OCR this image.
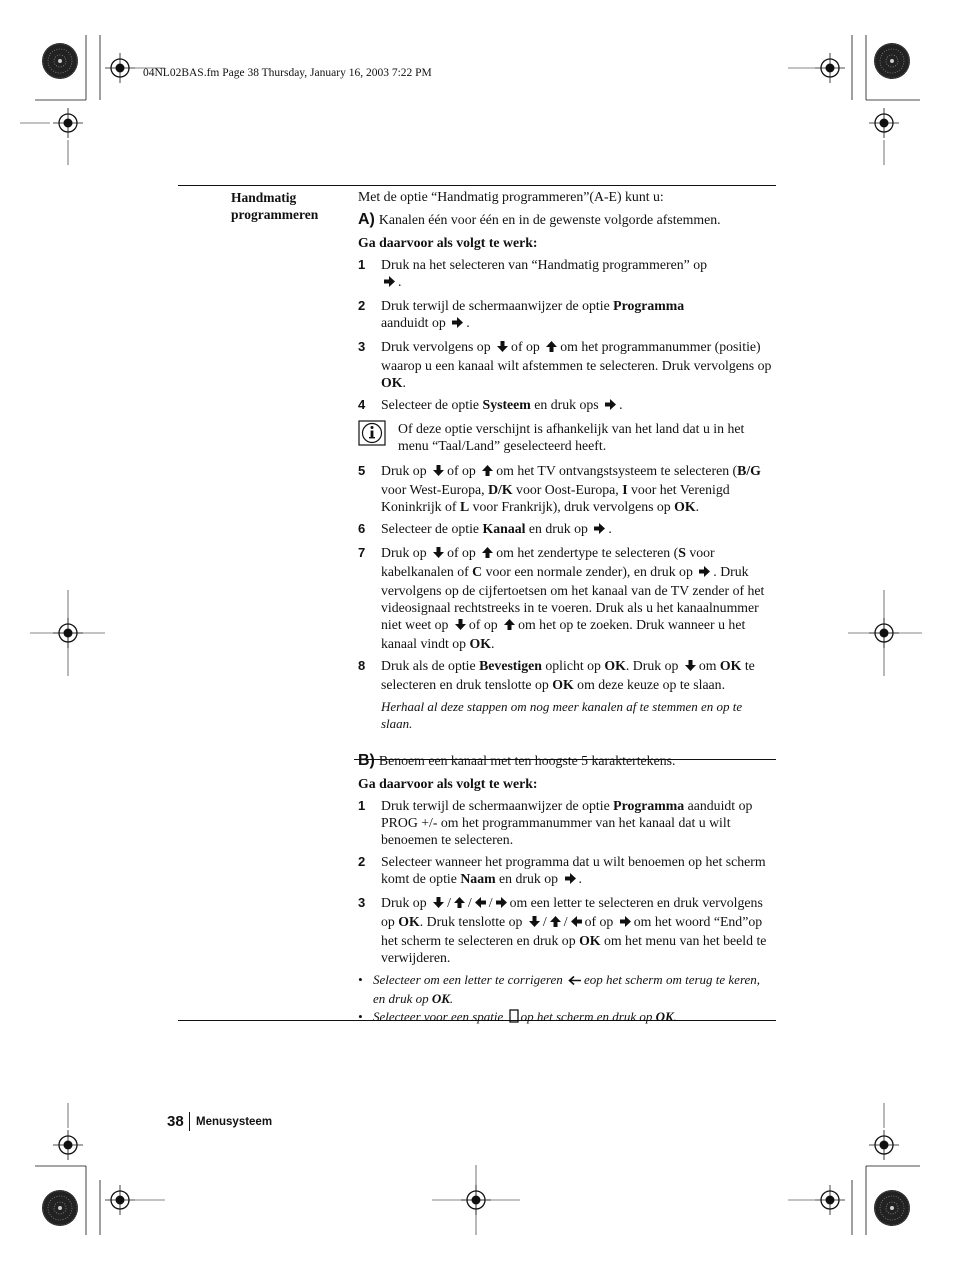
04NL02BAS.fm Page 38 Thursday, January 16, 2003 7:22 PM
Handmatig
programmeren
Met de optie “Handmatig programmeren”(A-E) kunt u:
A) Kanalen één voor één en in de gewenste volgorde afstemmen.
Ga daarvoor als volgt te werk:
1	Druk na het selecteren van “Handmatig programmeren” op
.
2	Druk terwijl de schermaanwijzer de optie Programma
aanduidt op .
3	Druk vervolgens op of op om het programmanummer (positie) waarop u een kanaal wilt afstemmen te selecteren. Druk vervolgens op OK.
4	Selecteer de optie Systeem en druk ops .
Of deze optie verschijnt is afhankelijk van het land dat u in het menu “Taal/Land” geselecteerd heeft.
5	Druk op of op om het TV ontvangstsysteem te selecteren (B/G voor West-Europa, D/K voor Oost-Europa, I voor het Verenigd Koninkrijk of L voor Frankrijk), druk vervolgens op OK.
6	Selecteer de optie Kanaal en druk op .
7	Druk op of op om het zendertype te selecteren (S voor kabelkanalen of C voor een normale zender), en druk op . Druk vervolgens op de cijfertoetsen om het kanaal van de TV zender of het videosignaal rechtstreeks in te voeren. Druk als u het kanaalnummer niet weet op of op om het op te zoeken. Druk wanneer u het kanaal vindt op OK.
8	Druk als de optie Bevestigen oplicht op OK. Druk op om OK te selecteren en druk tenslotte op OK om deze keuze op te slaan.
Herhaal al deze stappen om nog meer kanalen af te stemmen en op te slaan.
B) Benoem een kanaal met ten hoogste 5 karaktertekens.
Ga daarvoor als volgt te werk:
1	Druk terwijl de schermaanwijzer de optie Programma aanduidt op PROG +/- om het programmanummer van het kanaal dat u wilt benoemen te selecteren.
2	Selecteer wanneer het programma dat u wilt benoemen op het scherm komt de optie Naam en druk op .
3	Druk op / / / om een letter te selecteren en druk vervolgens op OK. Druk tenslotte op / / of op om het woord “End”op het scherm te selecteren en druk op OK om het menu van het beeld te verwijderen.
• Selecteer om een letter te corrigeren eop het scherm om terug te keren, en druk op OK.
• Selecteer voor een spatie op het scherm en druk op OK.
38 Menusysteem
